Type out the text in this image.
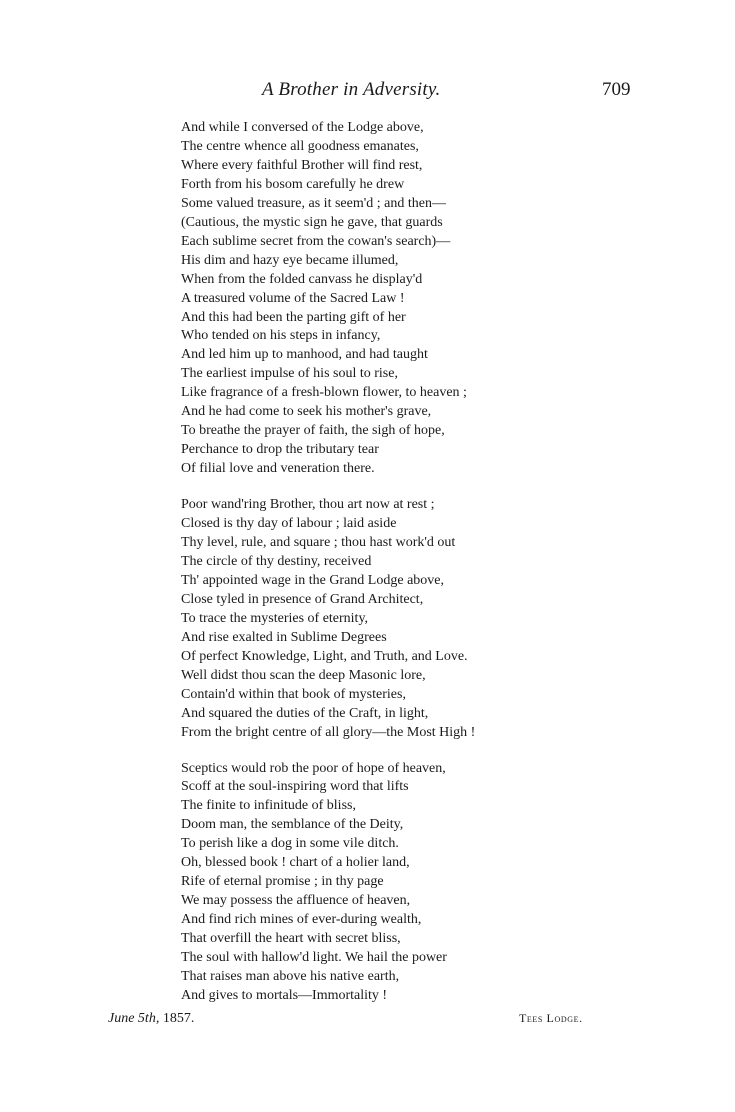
A Brother in Adversity.	709
And while I conversed of the Lodge above,
The centre whence all goodness emanates,
Where every faithful Brother will find rest,
Forth from his bosom carefully he drew
Some valued treasure, as it seem'd ; and then—
(Cautious, the mystic sign he gave, that guards
Each sublime secret from the cowan's search)—
His dim and hazy eye became illumed,
When from the folded canvass he display'd
A treasured volume of the Sacred Law !
And this had been the parting gift of her
Who tended on his steps in infancy,
And led him up to manhood, and had taught
The earliest impulse of his soul to rise,
Like fragrance of a fresh-blown flower, to heaven ;
And he had come to seek his mother's grave,
To breathe the prayer of faith, the sigh of hope,
Perchance to drop the tributary tear
Of filial love and veneration there.
Poor wand'ring Brother, thou art now at rest ;
Closed is thy day of labour ; laid aside
Thy level, rule, and square ; thou hast work'd out
The circle of thy destiny, received
Th' appointed wage in the Grand Lodge above,
Close tyled in presence of Grand Architect,
To trace the mysteries of eternity,
And rise exalted in Sublime Degrees
Of perfect Knowledge, Light, and Truth, and Love.
Well didst thou scan the deep Masonic lore,
Contain'd within that book of mysteries,
And squared the duties of the Craft, in light,
From the bright centre of all glory—the Most High !
Sceptics would rob the poor of hope of heaven,
Scoff at the soul-inspiring word that lifts
The finite to infinitude of bliss,
Doom man, the semblance of the Deity,
To perish like a dog in some vile ditch.
Oh, blessed book ! chart of a holier land,
Rife of eternal promise ; in thy page
We may possess the affluence of heaven,
And find rich mines of ever-during wealth,
That overfill the heart with secret bliss,
The soul with hallow'd light. We hail the power
That raises man above his native earth,
And gives to mortals—Immortality !
June 5th, 1857.	Tees Lodge.
